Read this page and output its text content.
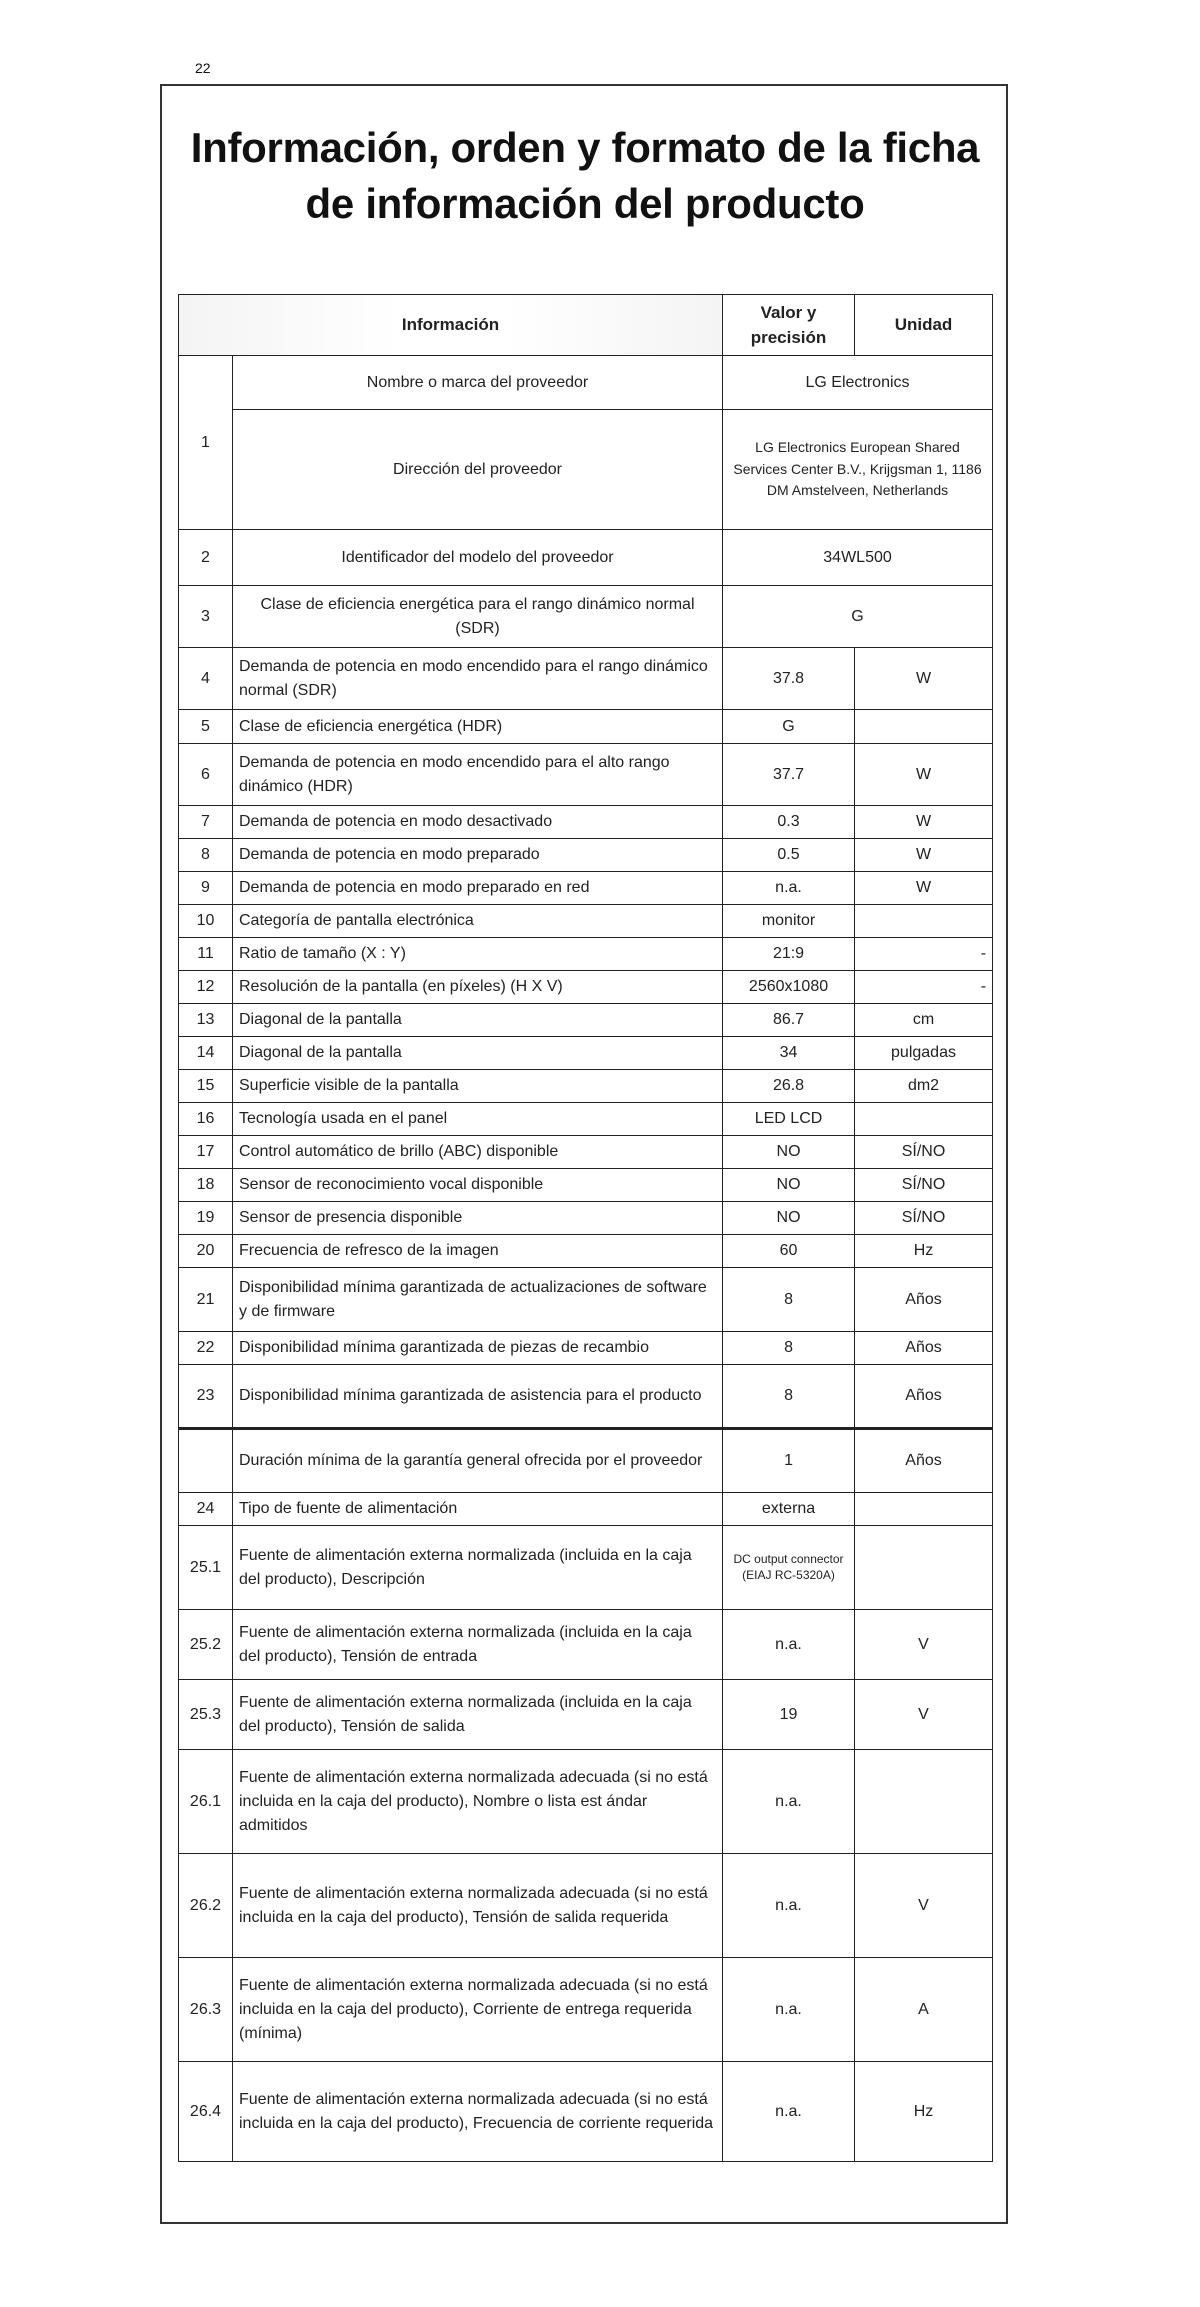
22
Información, orden y formato de la ficha de información del producto
Información		Valor y precisión	Unidad
1	Nombre o marca del proveedor	LG Electronics	
	Dirección del proveedor	LG Electronics European Shared Services Center B.V., Krijgsman 1, 1186 DM Amstelveen, Netherlands	
2	Identificador del modelo del proveedor	34WL500	
3	Clase de eficiencia energética para el rango dinámico normal (SDR)	G	
4	Demanda de potencia en modo encendido para el rango dinámico normal (SDR)	37.8	W
5	Clase de eficiencia energética (HDR)	G	
6	Demanda de potencia en modo encendido para el alto rango dinámico (HDR)	37.7	W
7	Demanda de potencia en modo desactivado	0.3	W
8	Demanda de potencia en modo preparado	0.5	W
9	Demanda de potencia en modo preparado en red	n.a.	W
10	Categoría de pantalla electrónica	monitor	
11	Ratio de tamaño (X : Y)	21:9	-
12	Resolución de la pantalla (en píxeles) (H X V)	2560x1080	-
13	Diagonal de la pantalla	86.7	cm
14	Diagonal de la pantalla	34	pulgadas
15	Superficie visible de la pantalla	26.8	dm2
16	Tecnología usada en el panel	LED LCD	
17	Control automático de brillo (ABC) disponible	NO	SÍ/NO
18	Sensor de reconocimiento vocal disponible	NO	SÍ/NO
19	Sensor de presencia disponible	NO	SÍ/NO
20	Frecuencia de refresco de la imagen	60	Hz
21	Disponibilidad mínima garantizada de actualizaciones de software y de firmware	8	Años
22	Disponibilidad mínima garantizada de piezas de recambio	8	Años
23	Disponibilidad mínima garantizada de asistencia para el producto	8	Años
	Duración mínima de la garantía general ofrecida por el proveedor	1	Años
24	Tipo de fuente de alimentación	externa	
25.1	Fuente de alimentación externa normalizada (incluida en la caja del producto), Descripción	DC output connector (EIAJ RC-5320A)	
25.2	Fuente de alimentación externa normalizada (incluida en la caja del producto), Tensión de entrada	n.a.	V
25.3	Fuente de alimentación externa normalizada (incluida en la caja del producto), Tensión de salida	19	V
26.1	Fuente de alimentación externa normalizada adecuada (si no está incluida en la caja del producto), Nombre o lista est ándar admitidos	n.a.	
26.2	Fuente de alimentación externa normalizada adecuada (si no está incluida en la caja del producto), Tensión de salida requerida	n.a.	V
26.3	Fuente de alimentación externa normalizada adecuada (si no está incluida en la caja del producto), Corriente de entrega requerida (mínima)	n.a.	A
26.4	Fuente de alimentación externa normalizada adecuada (si no está incluida en la caja del producto), Frecuencia de corriente requerida	n.a.	Hz
